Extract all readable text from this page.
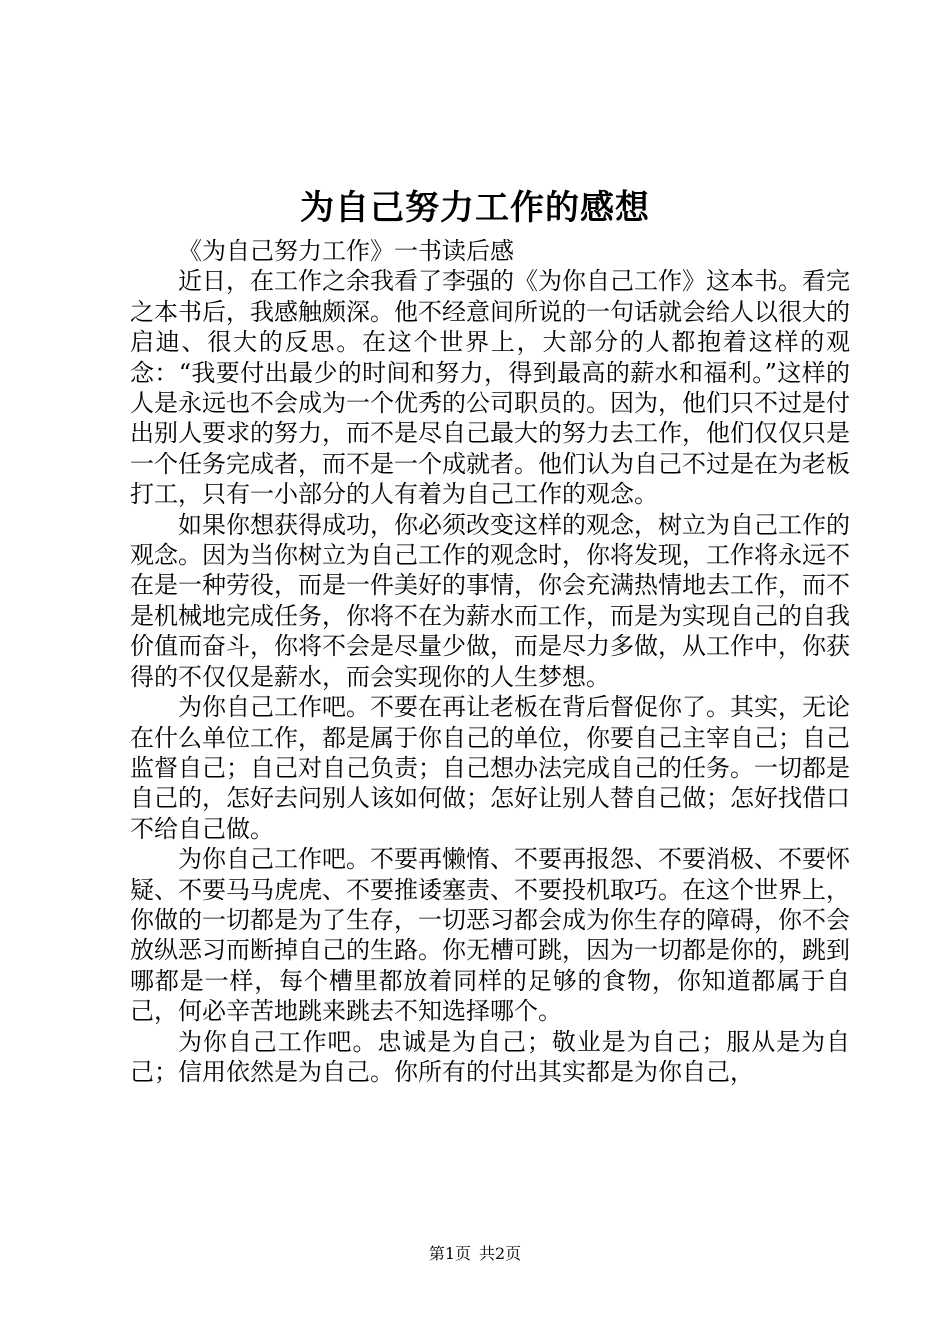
为自己努力工作的感想

《为自己努力工作》一书读后感

近日，在工作之余我看了李强的《为你自己工作》这本书。看完之本书后，我感触颇深。他不经意间所说的一句话就会给人以很大的启迪、很大的反思。在这个世界上，大部分的人都抱着这样的观念：“我要付出最少的时间和努力，得到最高的薪水和福利。”这样的人是永远也不会成为一个优秀的公司职员的。因为，他们只不过是付出别人要求的努力，而不是尽自己最大的努力去工作，他们仅仅只是一个任务完成者，而不是一个成就者。他们认为自己不过是在为老板打工，只有一小部分的人有着为自己工作的观念。

如果你想获得成功，你必须改变这样的观念，树立为自己工作的观念。因为当你树立为自己工作的观念时，你将发现，工作将永远不在是一种劳役，而是一件美好的事情，你会充满热情地去工作，而不是机械地完成任务，你将不在为薪水而工作，而是为实现自己的自我价值而奋斗，你将不会是尽量少做，而是尽力多做，从工作中，你获得的不仅仅是薪水，而会实现你的人生梦想。

为你自己工作吧。不要在再让老板在背后督促你了。其实，无论在什么单位工作，都是属于你自己的单位，你要自己主宰自己；自己监督自己；自己对自己负责；自己想办法完成自己的任务。一切都是自己的，怎好去问别人该如何做；怎好让别人替自己做；怎好找借口不给自己做。

为你自己工作吧。不要再懒惰、不要再报怨、不要消极、不要怀疑、不要马马虎虎、不要推诿塞责、不要投机取巧。在这个世界上，你做的一切都是为了生存，一切恶习都会成为你生存的障碍，你不会放纵恶习而断掉自己的生路。你无槽可跳，因为一切都是你的，跳到哪都是一样，每个槽里都放着同样的足够的食物，你知道都属于自己，何必辛苦地跳来跳去不知选择哪个。

为你自己工作吧。忠诚是为自己；敬业是为自己；服从是为自己；信用依然是为自己。你所有的付出其实都是为你自己，

第1页 共2页
